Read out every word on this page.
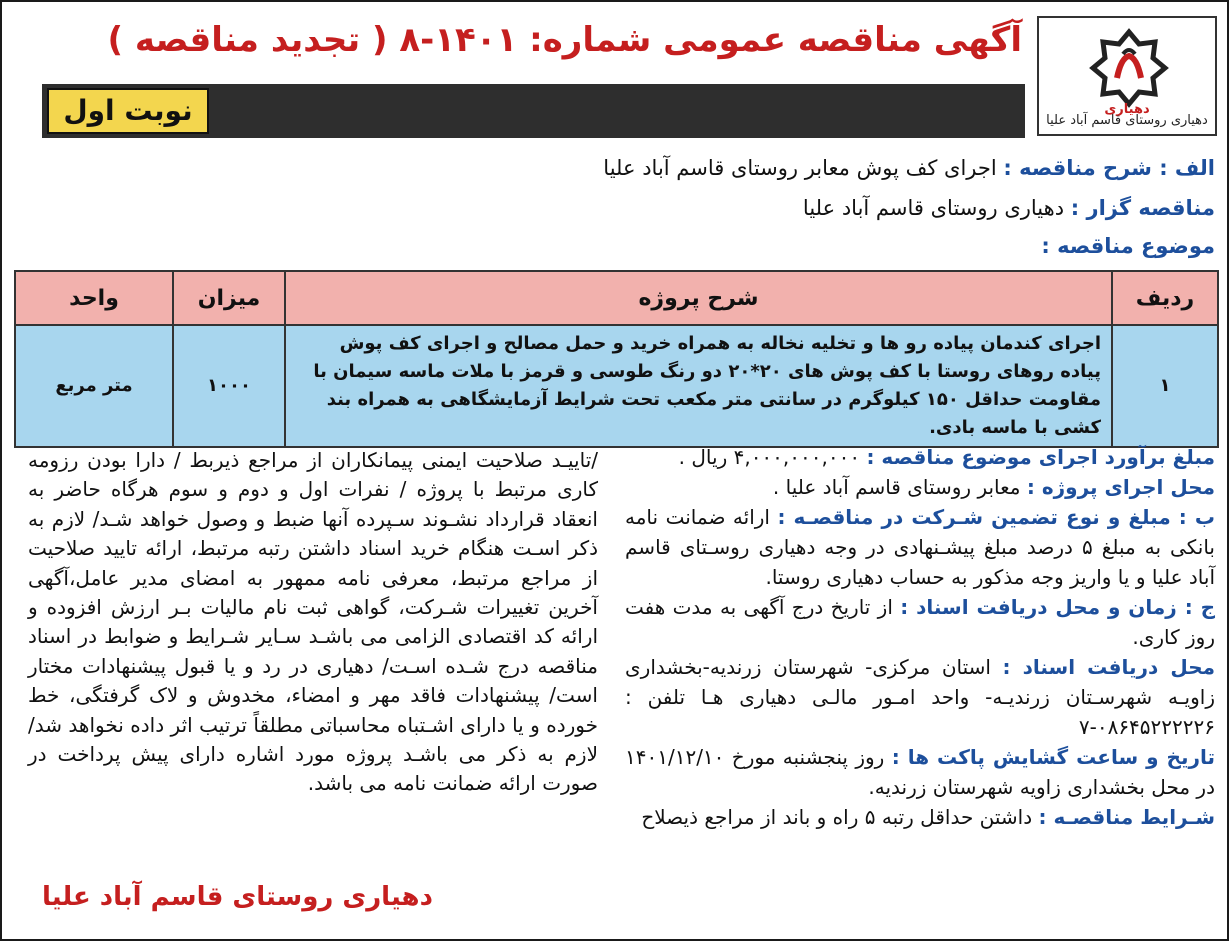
دهیاری
دهیاری روستای قاسم آباد علیا
آگهی مناقصه عمومی شماره: ۱۴۰۱-۸ ( تجدید مناقصه )
نوبت اول
الف : شرح مناقصه : اجرای کف پوش معابر روستای قاسم آباد علیا
مناقصه گزار : دهیاری روستای قاسم آباد علیا
موضوع مناقصه :
ردیف	شرح پروژه	میزان	واحد
۱	اجرای کندمان پیاده رو ها و تخلیه نخاله به همراه خرید و حمل مصالح و اجرای کف پوش پیاده روهای روستا با کف پوش های ۲۰*۲۰ دو رنگ طوسی و قرمز با ملات ماسه سیمان با مقاومت حداقل ۱۵۰ کیلوگرم در سانتی متر مکعب تحت شرایط آزمایشگاهی به همراه بند کشی با ماسه بادی.	۱۰۰۰	متر مربع

مبلغ برآورد اجرای موضوع مناقصه : ۴,۰۰۰,۰۰۰,۰۰۰ ریال .

محل اجرای پروژه : معابر روستای قاسم آباد علیا .

ب : مبلغ و نوع تضمین شـرکت در مناقصـه : ارائه ضمانت نامه بانکی به مبلغ ۵ درصد مبلغ پیشـنهادی در وجه دهیاری روسـتای قاسم آباد علیا و یا واریز وجه مذکور به حساب دهیاری روستا.

ج : زمان و محل دریافت اسناد : از تاریخ درج آگهی به مدت هفت روز کاری.

محل دریافت اسناد : استان مرکزی- شهرستان زرندیه-بخشداری زاویـه شهرسـتان زرندیـه- واحد امـور مالـی دهیاری هـا تلفن : ۰۸۶۴۵۲۲۲۲۲۶-۷

تاریخ و ساعت گشایش پاکت ها : روز پنجشنبه مورخ ۱۴۰۱/۱۲/۱۰ در محل بخشداری زاویه شهرستان زرندیه.

شـرایط مناقصـه : داشتن حداقل رتبه ۵ راه و باند از مراجع ذیصلاح

/تاییـد صلاحیت ایمنی پیمانکاران از مراجع ذیربط / دارا بودن رزومه کاری مرتبط با پروژه / نفرات اول و دوم و سوم هرگاه حاضر به انعقاد قرارداد نشـوند سـپرده آنها ضبط و وصول خواهد شـد/ لازم به ذکر اسـت هنگام خرید اسناد داشتن رتبه مرتبط، ارائه تایید صلاحیت از مراجع مرتبط، معرفی نامه ممهور به امضای مدیر عامل،آگهی آخرین تغییرات شـرکت، گواهی ثبت نام مالیات بـر ارزش افزوده و ارائه کد اقتصادی الزامی می باشـد سـایر شـرایط و ضوابط در اسناد مناقصه درج شـده اسـت/ دهیاری در رد و یا قبول پیشنهادات مختار است/ پیشنهادات فاقد مهر و امضاء، مخدوش و لاک گرفتگی، خط خورده و یا دارای اشـتباه محاسباتی مطلقاً ترتیب اثر داده نخواهد شد/ لازم به ذکر می باشـد پروژه مورد اشاره دارای پیش پرداخت در صورت ارائه ضمانت نامه می باشد.

دهیاری روستای قاسم آباد علیا
